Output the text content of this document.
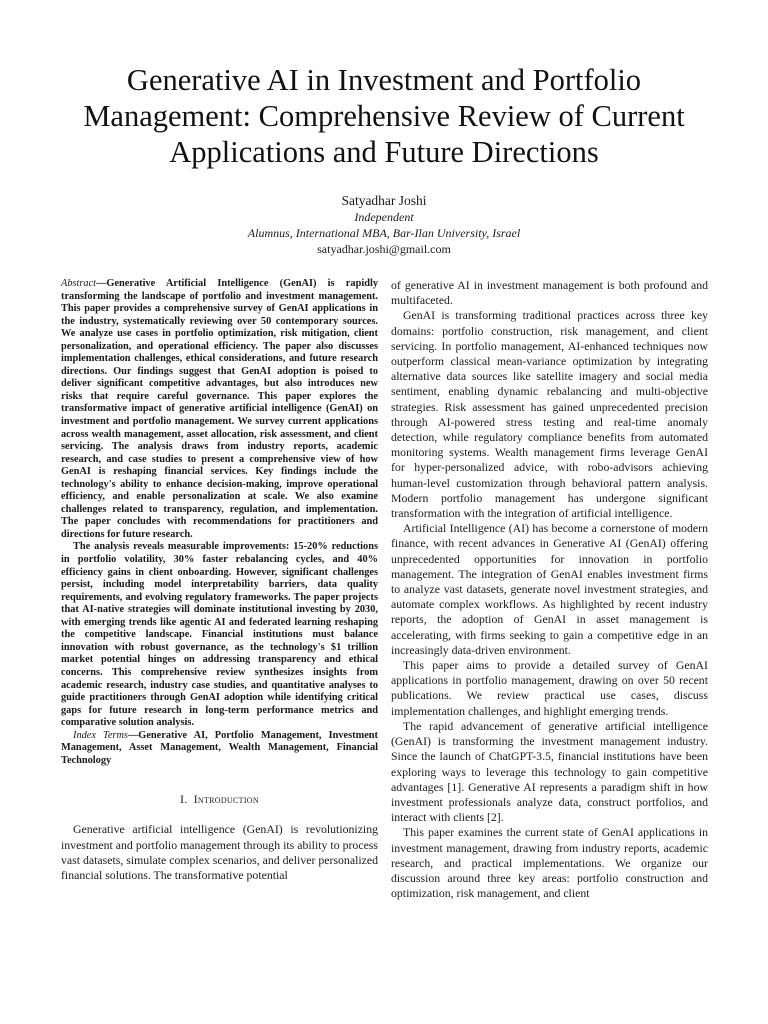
Generative AI in Investment and Portfolio Management: Comprehensive Review of Current Applications and Future Directions
Satyadhar Joshi
Independent
Alumnus, International MBA, Bar-Ilan University, Israel
satyadhar.joshi@gmail.com

Abstract—Generative Artificial Intelligence (GenAI) is rapidly transforming the landscape of portfolio and investment management. This paper provides a comprehensive survey of GenAI applications in the industry, systematically reviewing over 50 contemporary sources. We analyze use cases in portfolio optimization, risk mitigation, client personalization, and operational efficiency. The paper also discusses implementation challenges, ethical considerations, and future research directions. Our findings suggest that GenAI adoption is poised to deliver significant competitive advantages, but also introduces new risks that require careful governance. This paper explores the transformative impact of generative artificial intelligence (GenAI) on investment and portfolio management. We survey current applications across wealth management, asset allocation, risk assessment, and client servicing. The analysis draws from industry reports, academic research, and case studies to present a comprehensive view of how GenAI is reshaping financial services. Key findings include the technology's ability to enhance decision-making, improve operational efficiency, and enable personalization at scale. We also examine challenges related to transparency, regulation, and implementation. The paper concludes with recommendations for practitioners and directions for future research.

The analysis reveals measurable improvements: 15-20% reductions in portfolio volatility, 30% faster rebalancing cycles, and 40% efficiency gains in client onboarding. However, significant challenges persist, including model interpretability barriers, data quality requirements, and evolving regulatory frameworks. The paper projects that AI-native strategies will dominate institutional investing by 2030, with emerging trends like agentic AI and federated learning reshaping the competitive landscape. Financial institutions must balance innovation with robust governance, as the technology's $1 trillion market potential hinges on addressing transparency and ethical concerns. This comprehensive review synthesizes insights from academic research, industry case studies, and quantitative analyses to guide practitioners through GenAI adoption while identifying critical gaps for future research in long-term performance metrics and comparative solution analysis.

Index Terms—Generative AI, Portfolio Management, Investment Management, Asset Management, Wealth Management, Financial Technology

I. Introduction

Generative artificial intelligence (GenAI) is revolutionizing investment and portfolio management through its ability to process vast datasets, simulate complex scenarios, and deliver personalized financial solutions. The transformative potential

of generative AI in investment management is both profound and multifaceted.

GenAI is transforming traditional practices across three key domains: portfolio construction, risk management, and client servicing. In portfolio management, AI-enhanced techniques now outperform classical mean-variance optimization by integrating alternative data sources like satellite imagery and social media sentiment, enabling dynamic rebalancing and multi-objective strategies. Risk assessment has gained unprecedented precision through AI-powered stress testing and real-time anomaly detection, while regulatory compliance benefits from automated monitoring systems. Wealth management firms leverage GenAI for hyper-personalized advice, with robo-advisors achieving human-level customization through behavioral pattern analysis. Modern portfolio management has undergone significant transformation with the integration of artificial intelligence.

Artificial Intelligence (AI) has become a cornerstone of modern finance, with recent advances in Generative AI (GenAI) offering unprecedented opportunities for innovation in portfolio management. The integration of GenAI enables investment firms to analyze vast datasets, generate novel investment strategies, and automate complex workflows. As highlighted by recent industry reports, the adoption of GenAI in asset management is accelerating, with firms seeking to gain a competitive edge in an increasingly data-driven environment.

This paper aims to provide a detailed survey of GenAI applications in portfolio management, drawing on over 50 recent publications. We review practical use cases, discuss implementation challenges, and highlight emerging trends.

The rapid advancement of generative artificial intelligence (GenAI) is transforming the investment management industry. Since the launch of ChatGPT-3.5, financial institutions have been exploring ways to leverage this technology to gain competitive advantages [1]. Generative AI represents a paradigm shift in how investment professionals analyze data, construct portfolios, and interact with clients [2].

This paper examines the current state of GenAI applications in investment management, drawing from industry reports, academic research, and practical implementations. We organize our discussion around three key areas: portfolio construction and optimization, risk management, and client
